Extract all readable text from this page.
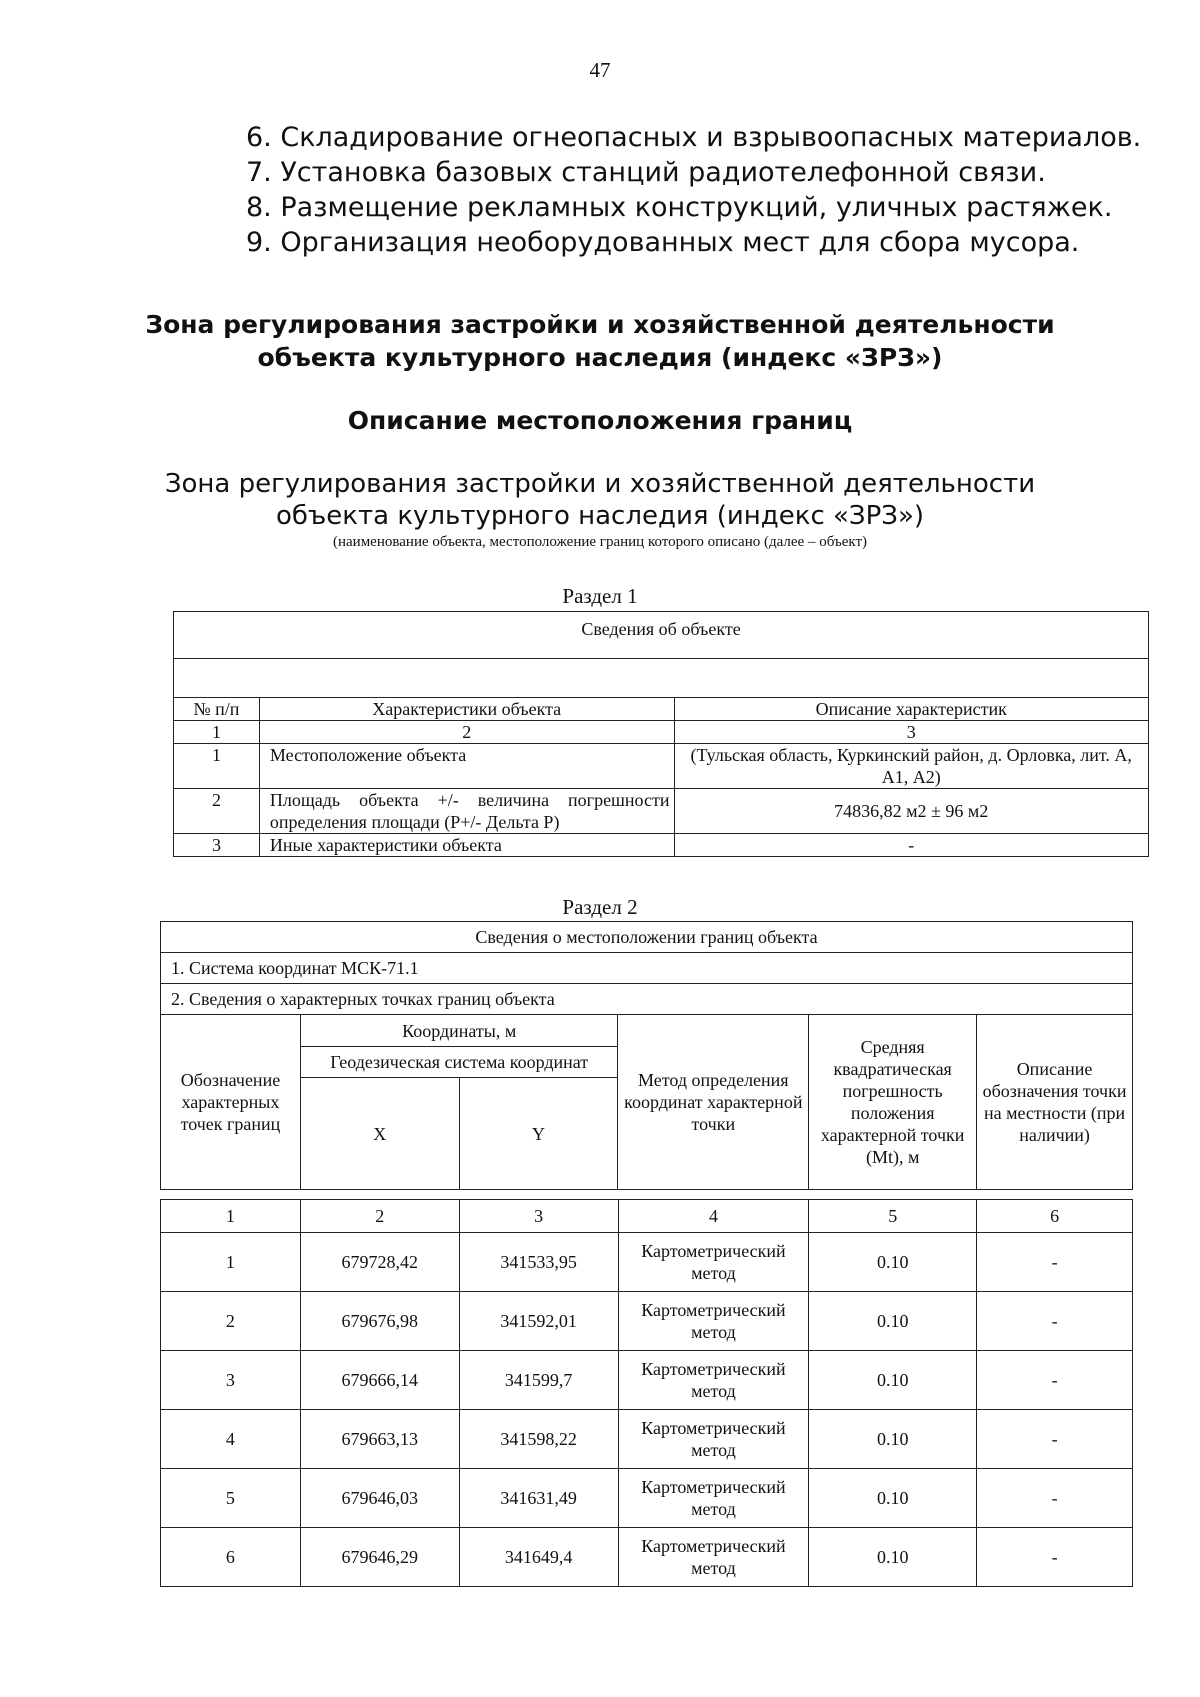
47
6. Складирование огнеопасных и взрывоопасных материалов.
7. Установка базовых станций радиотелефонной связи.
8. Размещение рекламных конструкций, уличных растяжек.
9. Организация необорудованных мест для сбора мусора.
Зона регулирования застройки и хозяйственной деятельности
объекта культурного наследия (индекс «ЗРЗ»)
Описание местоположения границ
Зона регулирования застройки и хозяйственной деятельности
объекта культурного наследия (индекс «ЗРЗ»)
(наименование объекта, местоположение границ которого описано (далее – объект)
Раздел 1
Сведения об объекте		

№ п/п	Характеристики объекта	Описание характеристик
1	2	3
1	Местоположение объекта	(Тульская область, Куркинский район, д. Орловка, лит. А, А1, А2)
2	Площадь объекта +/- величина погрешности определения площади (Р+/- Дельта Р)	74836,82 м2 ± 96 м2
3	Иные характеристики объекта	-
Раздел 2
Сведения о местоположении границ объекта					
1. Система координат МСК-71.1					
2. Сведения о характерных точках границ объекта					
Обозначение характерных точек границ	Координаты, м		Метод определения координат характерной точки	Средняя квадратическая погрешность положения характерной точки (Mt), м	Описание обозначения точки на местности (при наличии)
	Геодезическая система координат				
	X	Y			
1	2	3	4	5	6
1	679728,42	341533,95	Картометрический метод	0.10	-
2	679676,98	341592,01	Картометрический метод	0.10	-
3	679666,14	341599,7	Картометрический метод	0.10	-
4	679663,13	341598,22	Картометрический метод	0.10	-
5	679646,03	341631,49	Картометрический метод	0.10	-
6	679646,29	341649,4	Картометрический метод	0.10	-
